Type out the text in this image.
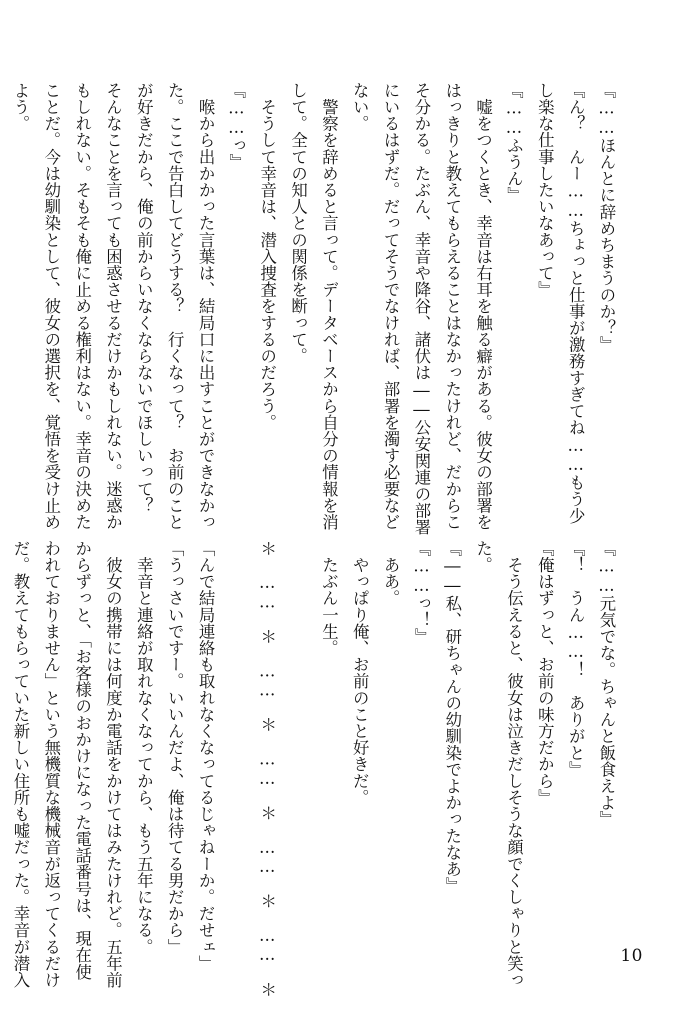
『……ほんとに辞めちまうのか？』
『ん？　んー……ちょっと仕事が激務すぎてね……もう少
し楽な仕事したいなあって』
『……ふうん』
　嘘をつくとき、幸音は右耳を触る癖がある。彼女の部署を
はっきりと教えてもらえることはなかったけれど、だからこ
そ分かる。たぶん、幸音や降谷、諸伏は――公安関連の部署
にいるはずだ。だってそうでなければ、部署を濁す必要など
ない。
　警察を辞めると言って。データベースから自分の情報を消
して。全ての知人との関係を断って。
　そうして幸音は、潜入捜査をするのだろう。
『……っ』
　喉から出かかった言葉は、結局口に出すことができなかっ
た。ここで告白してどうする？　行くなって？　お前のこと
が好きだから、俺の前からいなくならないでほしいって？
そんなことを言っても困惑させるだけかもしれない。迷惑か
もしれない。そもそも俺に止める権利はない。幸音の決めた
ことだ。今は幼馴染として、彼女の選択を、覚悟を受け止め
よう。
『……元気でな。ちゃんと飯食えよ』
『！　うん……！　ありがと』
『俺はずっと、お前の味方だから』
　そう伝えると、彼女は泣きだしそうな顔でくしゃりと笑っ
た。
『――私、研ちゃんの幼馴染でよかったなあ』
『……っ！』
　ああ。
　やっぱり俺、お前のこと好きだ。
　たぶん一生。
＊　……　＊　……　＊　……　＊　……　＊　……　＊
「んで結局連絡も取れなくなってるじゃねーか。だせェ」
「うっさいですー。いいんだよ、俺は待てる男だから」
　幸音と連絡が取れなくなってから、もう五年になる。
　彼女の携帯には何度か電話をかけてはみたけれど。五年前
からずっと、「お客様のおかけになった電話番号は、現在使
われておりません」という無機質な機械音が返ってくるだけ
だ。教えてもらっていた新しい住所も嘘だった。幸音が潜入	10
